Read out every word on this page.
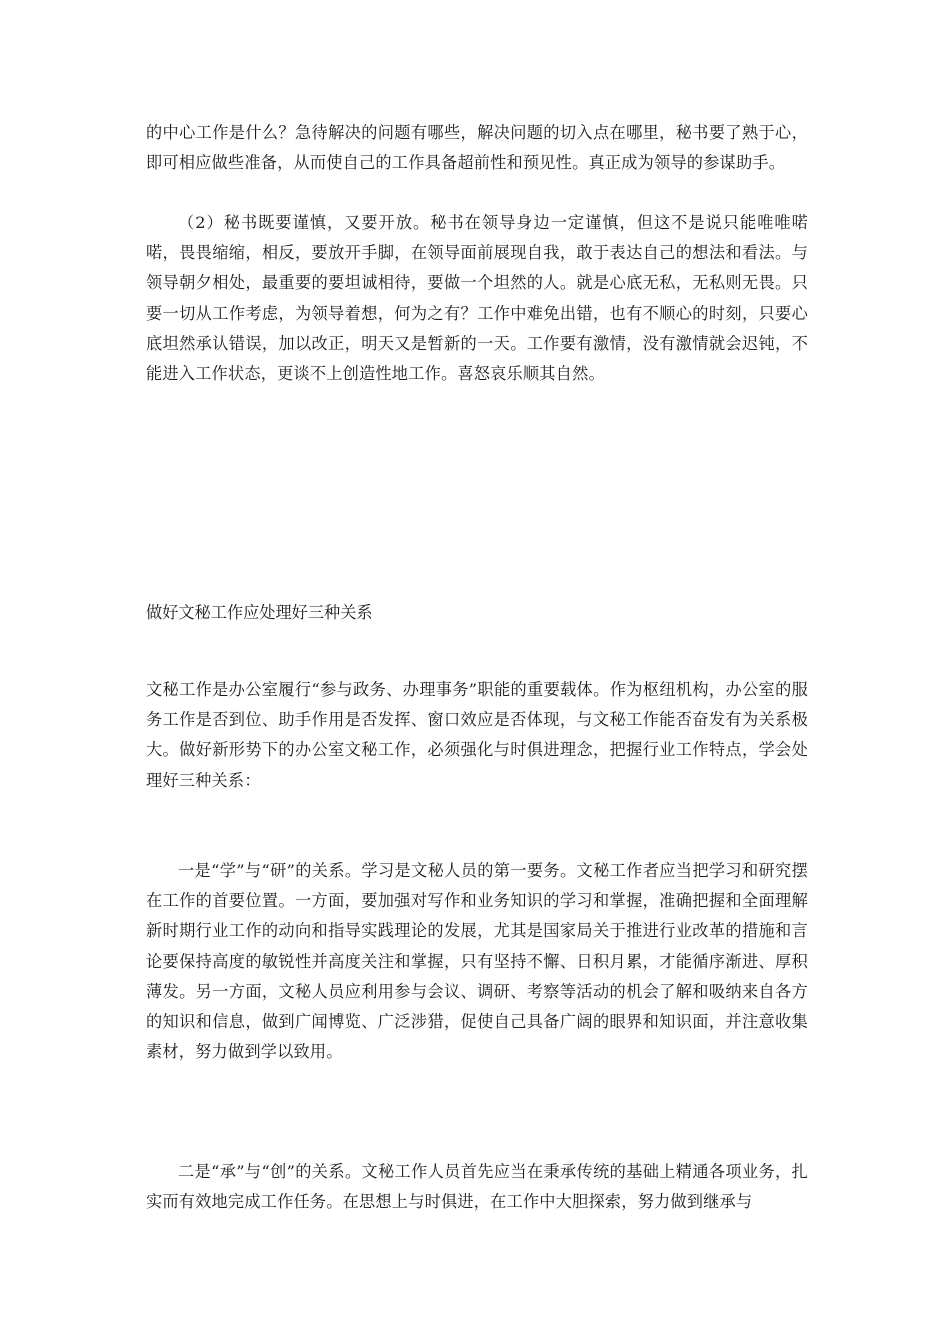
的中心工作是什么？急待解决的问题有哪些，解决问题的切入点在哪里，秘书要了熟于心，即可相应做些准备，从而使自己的工作具备超前性和预见性。真正成为领导的参谋助手。

（2）秘书既要谨慎，又要开放。秘书在领导身边一定谨慎，但这不是说只能唯唯喏喏，畏畏缩缩，相反，要放开手脚，在领导面前展现自我，敢于表达自己的想法和看法。与领导朝夕相处，最重要的要坦诚相待，要做一个坦然的人。就是心底无私，无私则无畏。只要一切从工作考虑，为领导着想，何为之有？工作中难免出错，也有不顺心的时刻，只要心底坦然承认错误，加以改正，明天又是暂新的一天。工作要有激情，没有激情就会迟钝，不能进入工作状态，更谈不上创造性地工作。喜怒哀乐顺其自然。

做好文秘工作应处理好三种关系

文秘工作是办公室履行“参与政务、办理事务”职能的重要载体。作为枢纽机构，办公室的服务工作是否到位、助手作用是否发挥、窗口效应是否体现，与文秘工作能否奋发有为关系极大。做好新形势下的办公室文秘工作，必须强化与时俱进理念，把握行业工作特点，学会处理好三种关系：

一是“学”与“研”的关系。学习是文秘人员的第一要务。文秘工作者应当把学习和研究摆在工作的首要位置。一方面，要加强对写作和业务知识的学习和掌握，准确把握和全面理解新时期行业工作的动向和指导实践理论的发展，尤其是国家局关于推进行业改革的措施和言论要保持高度的敏锐性并高度关注和掌握，只有坚持不懈、日积月累，才能循序渐进、厚积薄发。另一方面，文秘人员应利用参与会议、调研、考察等活动的机会了解和吸纳来自各方的知识和信息，做到广闻博览、广泛涉猎，促使自己具备广阔的眼界和知识面，并注意收集素材，努力做到学以致用。

二是“承”与“创”的关系。文秘工作人员首先应当在秉承传统的基础上精通各项业务，扎实而有效地完成工作任务。在思想上与时俱进，在工作中大胆探索，努力做到继承与
